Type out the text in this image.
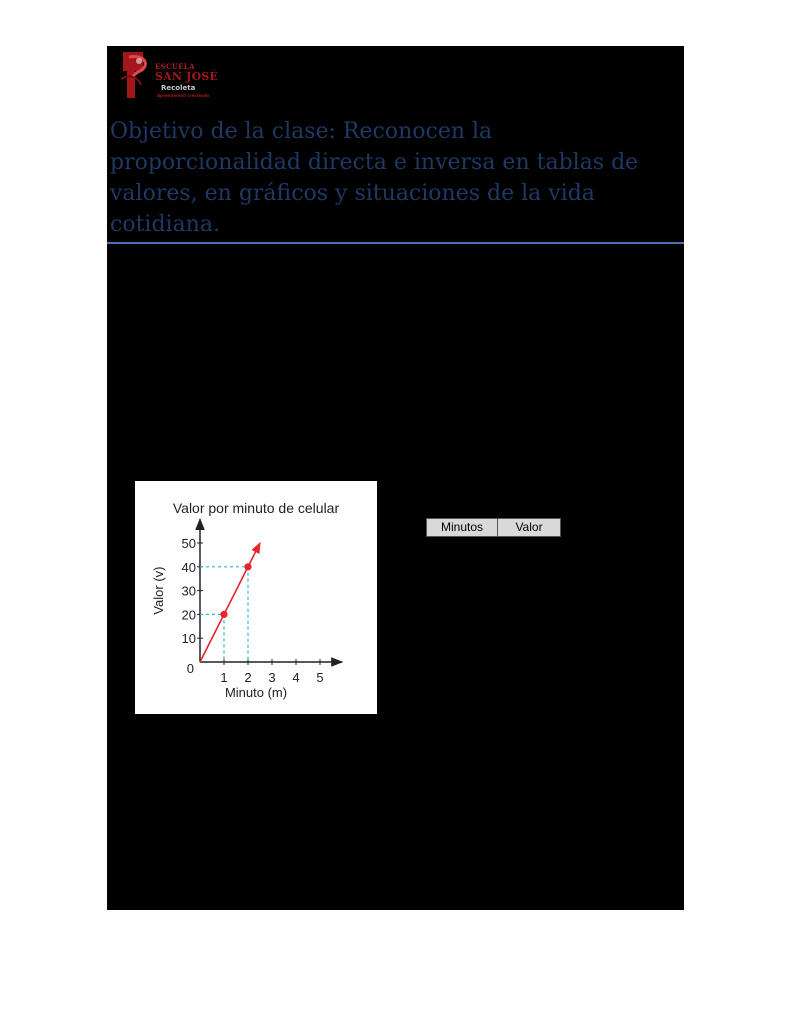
ESCUELA
SAN JOSÉ
Recoleta
Aprendiendo creciendo
Objetivo de la clase: Reconocen la proporcionalidad directa e inversa en tablas de valores, en gráficos y situaciones de la vida cotidiana.
Valor por minuto de celular
1 2 3 4 5
10
20
30
40
50
0
Minuto (m)
Valor (v)
Minutos	Valor
